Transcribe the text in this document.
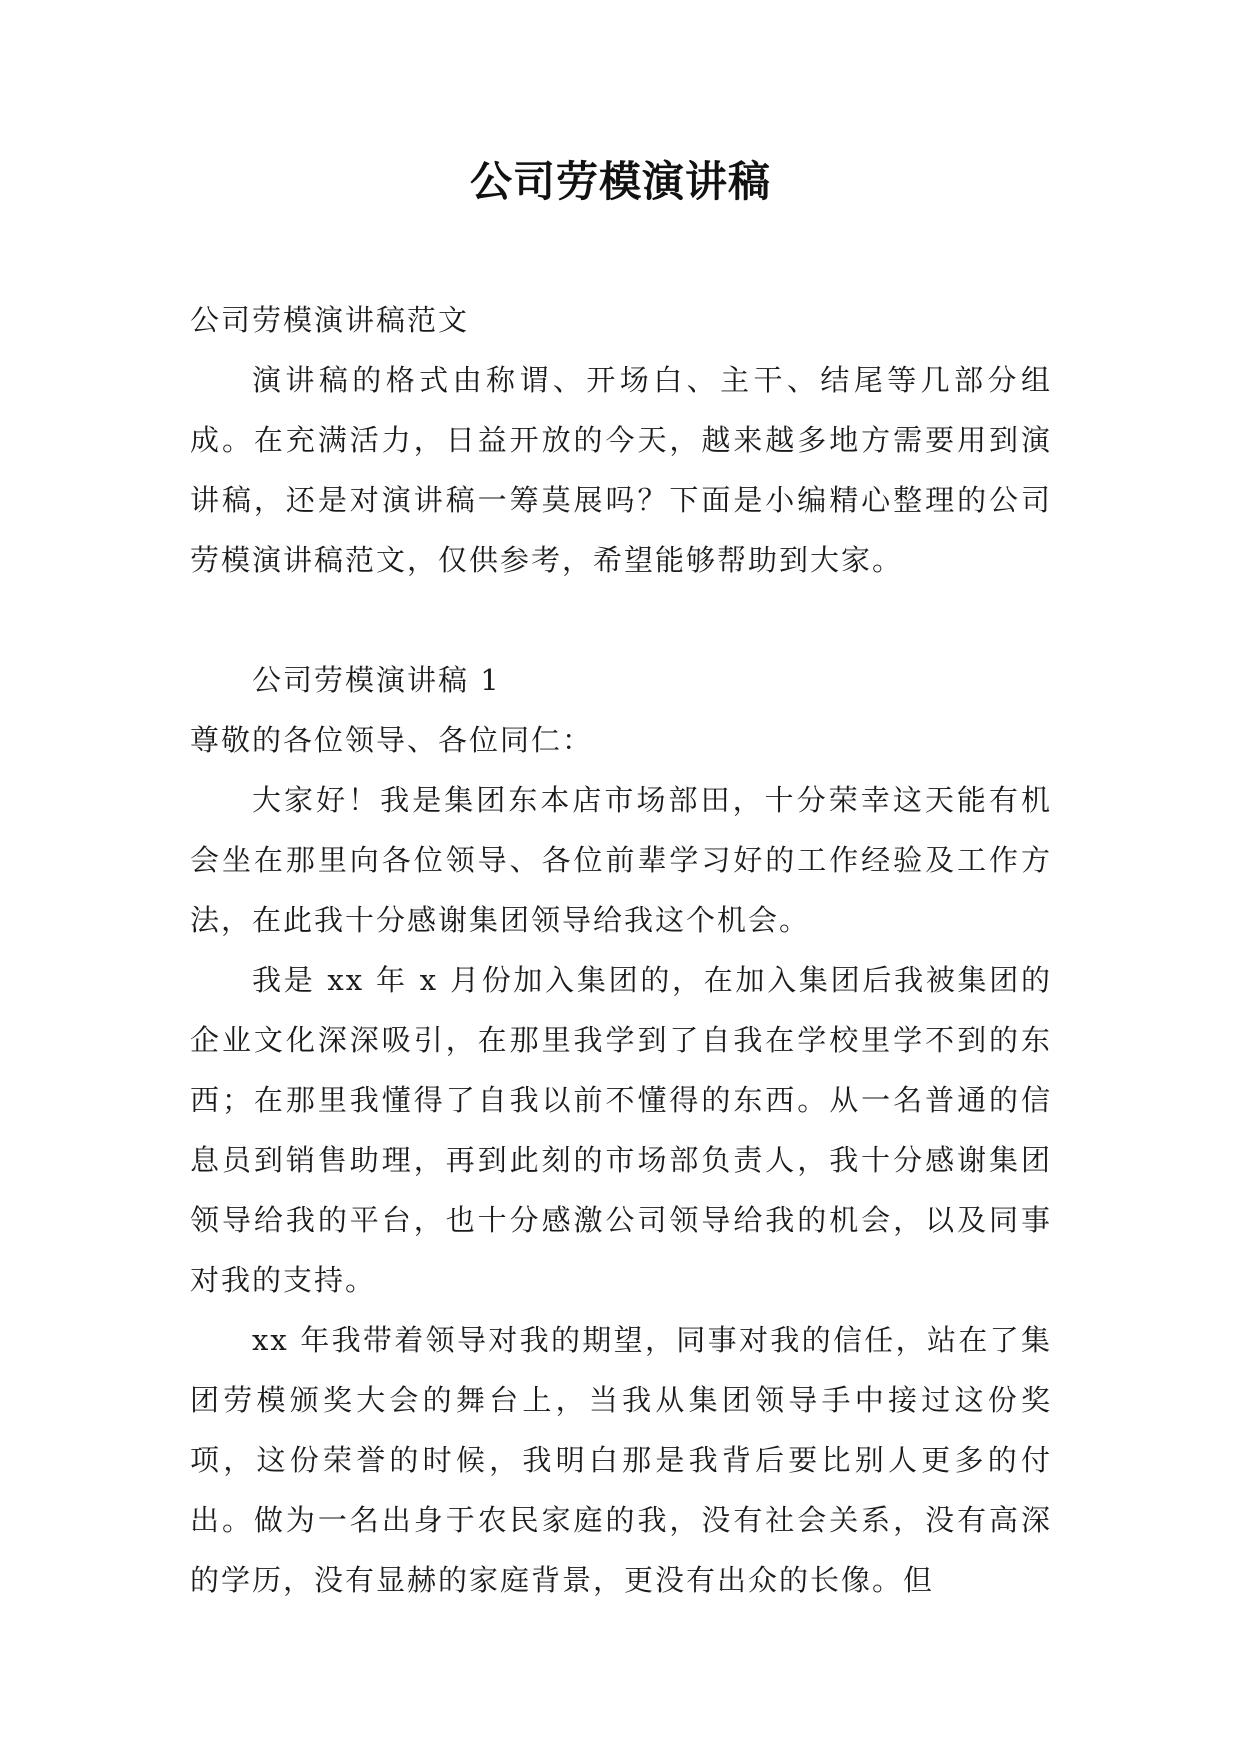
公司劳模演讲稿

公司劳模演讲稿范文

演讲稿的格式由称谓、开场白、主干、结尾等几部分组成。在充满活力，日益开放的今天，越来越多地方需要用到演讲稿，还是对演讲稿一筹莫展吗？下面是小编精心整理的公司劳模演讲稿范文，仅供参考，希望能够帮助到大家。

公司劳模演讲稿 1

尊敬的各位领导、各位同仁：

大家好！我是集团东本店市场部田，十分荣幸这天能有机会坐在那里向各位领导、各位前辈学习好的工作经验及工作方法，在此我十分感谢集团领导给我这个机会。

我是 xx 年 x 月份加入集团的，在加入集团后我被集团的企业文化深深吸引，在那里我学到了自我在学校里学不到的东西；在那里我懂得了自我以前不懂得的东西。从一名普通的信息员到销售助理，再到此刻的市场部负责人，我十分感谢集团领导给我的平台，也十分感激公司领导给我的机会，以及同事对我的支持。

xx 年我带着领导对我的期望，同事对我的信任，站在了集团劳模颁奖大会的舞台上，当我从集团领导手中接过这份奖项，这份荣誉的时候，我明白那是我背后要比别人更多的付出。做为一名出身于农民家庭的我，没有社会关系，没有高深的学历，没有显赫的家庭背景，更没有出众的长像。但
